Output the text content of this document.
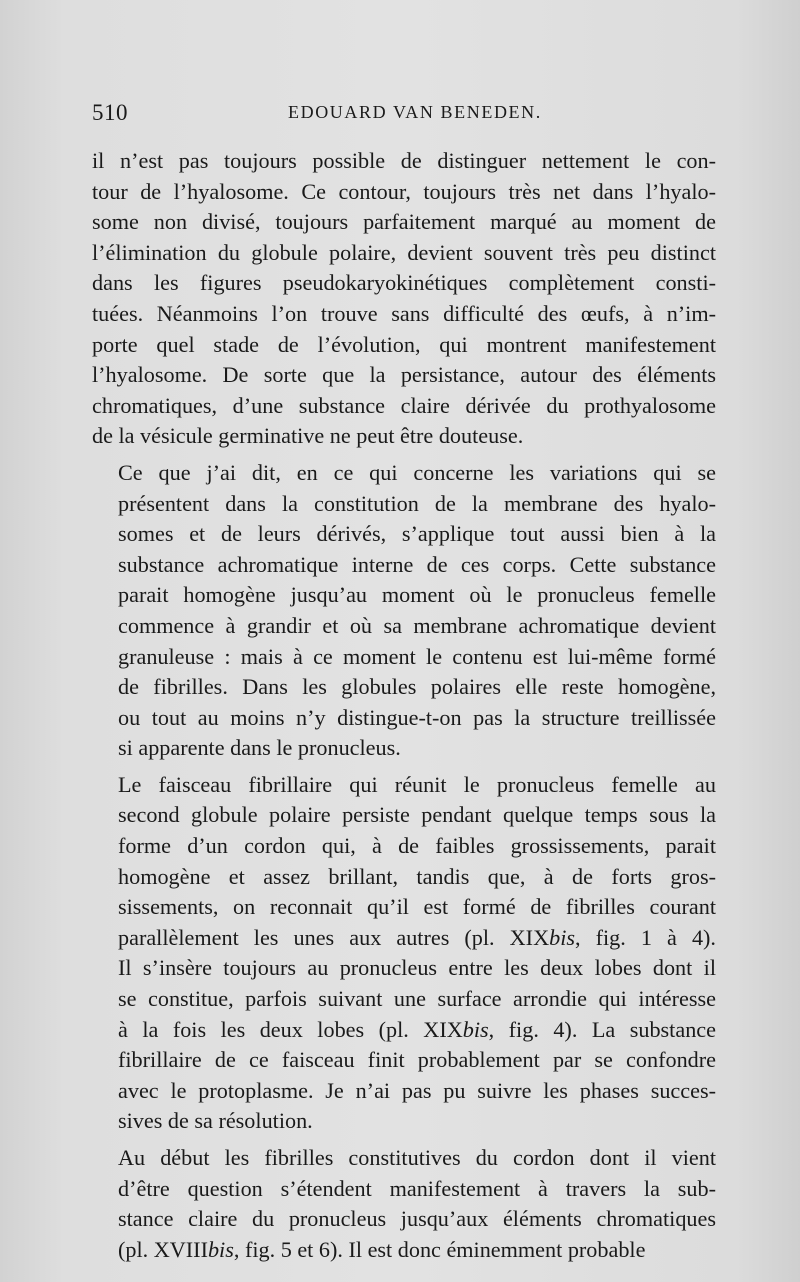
510	EDOUARD VAN BENEDEN.
il n’est pas toujours possible de distinguer nettement le con-
tour de l’hyalosome. Ce contour, toujours très net dans l’hyalo-
some non divisé, toujours parfaitement marqué au moment de
l’élimination du globule polaire, devient souvent très peu distinct
dans les figures pseudokaryokinétiques complètement consti-
tuées. Néanmoins l’on trouve sans difficulté des œufs, à n’im-
porte quel stade de l’évolution, qui montrent manifestement
l’hyalosome. De sorte que la persistance, autour des éléments
chromatiques, d’une substance claire dérivée du prothyalosome
de la vésicule germinative ne peut être douteuse.
Ce que j’ai dit, en ce qui concerne les variations qui se
présentent dans la constitution de la membrane des hyalo-
somes et de leurs dérivés, s’applique tout aussi bien à la
substance achromatique interne de ces corps. Cette substance
parait homogène jusqu’au moment où le pronucleus femelle
commence à grandir et où sa membrane achromatique devient
granuleuse : mais à ce moment le contenu est lui-même formé
de fibrilles. Dans les globules polaires elle reste homogène,
ou tout au moins n’y distingue-t-on pas la structure treillissée
si apparente dans le pronucleus.
Le faisceau fibrillaire qui réunit le pronucleus femelle au
second globule polaire persiste pendant quelque temps sous la
forme d’un cordon qui, à de faibles grossissements, parait
homogène et assez brillant, tandis que, à de forts gros-
sissements, on reconnait qu’il est formé de fibrilles courant
parallèlement les unes aux autres (pl. XIXbis, fig. 1 à 4).
Il s’insère toujours au pronucleus entre les deux lobes dont il
se constitue, parfois suivant une surface arrondie qui intéresse
à la fois les deux lobes (pl. XIXbis, fig. 4). La substance
fibrillaire de ce faisceau finit probablement par se confondre
avec le protoplasme. Je n’ai pas pu suivre les phases succes-
sives de sa résolution.
Au début les fibrilles constitutives du cordon dont il vient
d’être question s’étendent manifestement à travers la sub-
stance claire du pronucleus jusqu’aux éléments chromatiques
(pl. XVIIIbis, fig. 5 et 6). Il est donc éminemment probable
